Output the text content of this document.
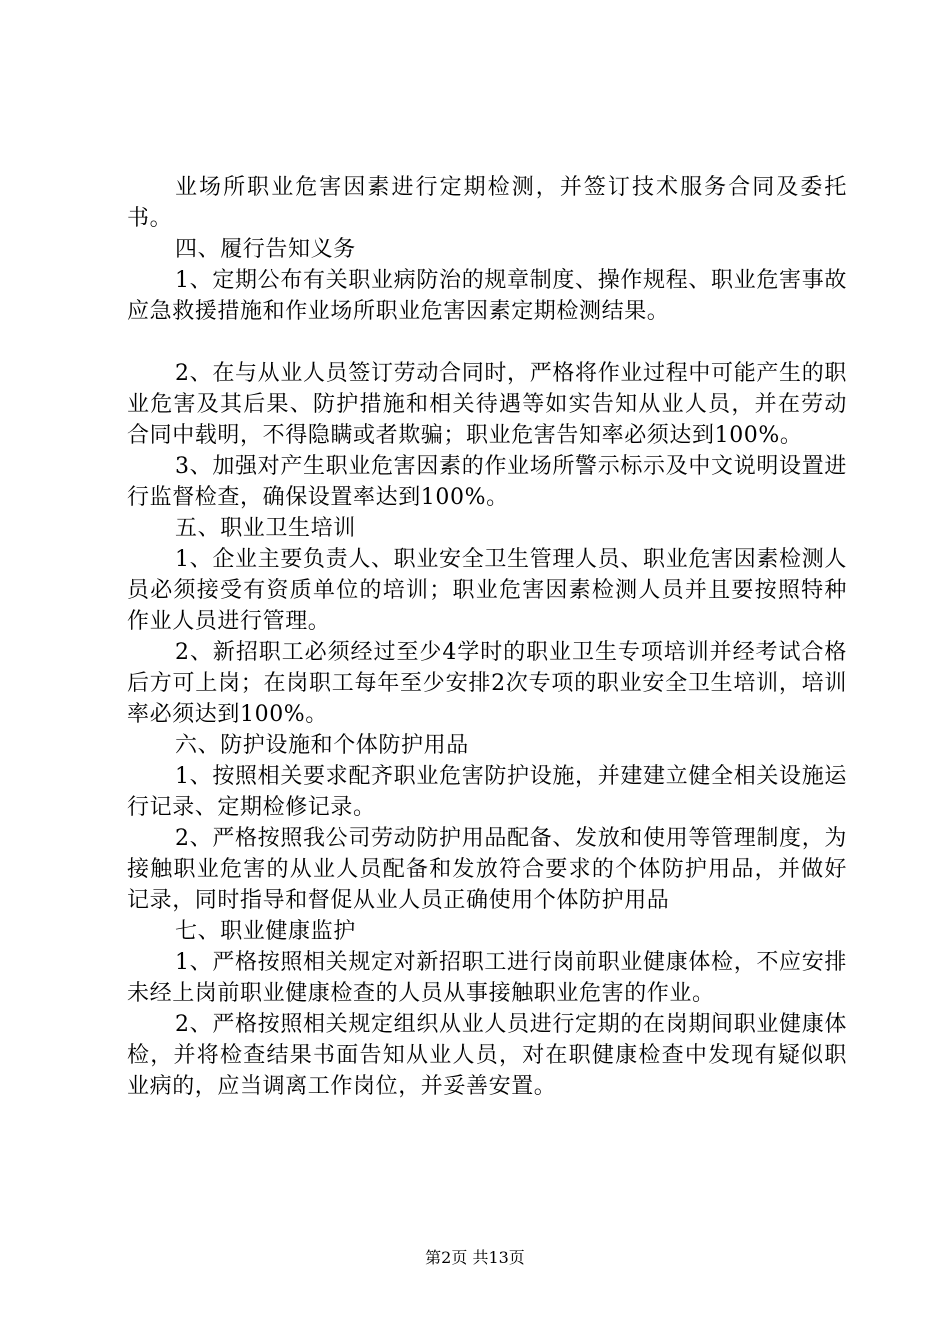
业场所职业危害因素进行定期检测，并签订技术服务合同及委托书。

四、履行告知义务

1、定期公布有关职业病防治的规章制度、操作规程、职业危害事故应急救援措施和作业场所职业危害因素定期检测结果。

2、在与从业人员签订劳动合同时，严格将作业过程中可能产生的职业危害及其后果、防护措施和相关待遇等如实告知从业人员，并在劳动合同中载明，不得隐瞒或者欺骗；职业危害告知率必须达到100%。

3、加强对产生职业危害因素的作业场所警示标示及中文说明设置进行监督检查，确保设置率达到100%。

五、职业卫生培训

1、企业主要负责人、职业安全卫生管理人员、职业危害因素检测人员必须接受有资质单位的培训；职业危害因素检测人员并且要按照特种作业人员进行管理。

2、新招职工必须经过至少4学时的职业卫生专项培训并经考试合格后方可上岗；在岗职工每年至少安排2次专项的职业安全卫生培训，培训率必须达到100%。

六、防护设施和个体防护用品

1、按照相关要求配齐职业危害防护设施，并建建立健全相关设施运行记录、定期检修记录。

2、严格按照我公司劳动防护用品配备、发放和使用等管理制度，为接触职业危害的从业人员配备和发放符合要求的个体防护用品，并做好记录，同时指导和督促从业人员正确使用个体防护用品

七、职业健康监护

1、严格按照相关规定对新招职工进行岗前职业健康体检，不应安排未经上岗前职业健康检查的人员从事接触职业危害的作业。

2、严格按照相关规定组织从业人员进行定期的在岗期间职业健康体检，并将检查结果书面告知从业人员，对在职健康检查中发现有疑似职业病的，应当调离工作岗位，并妥善安置。

第2页 共13页
